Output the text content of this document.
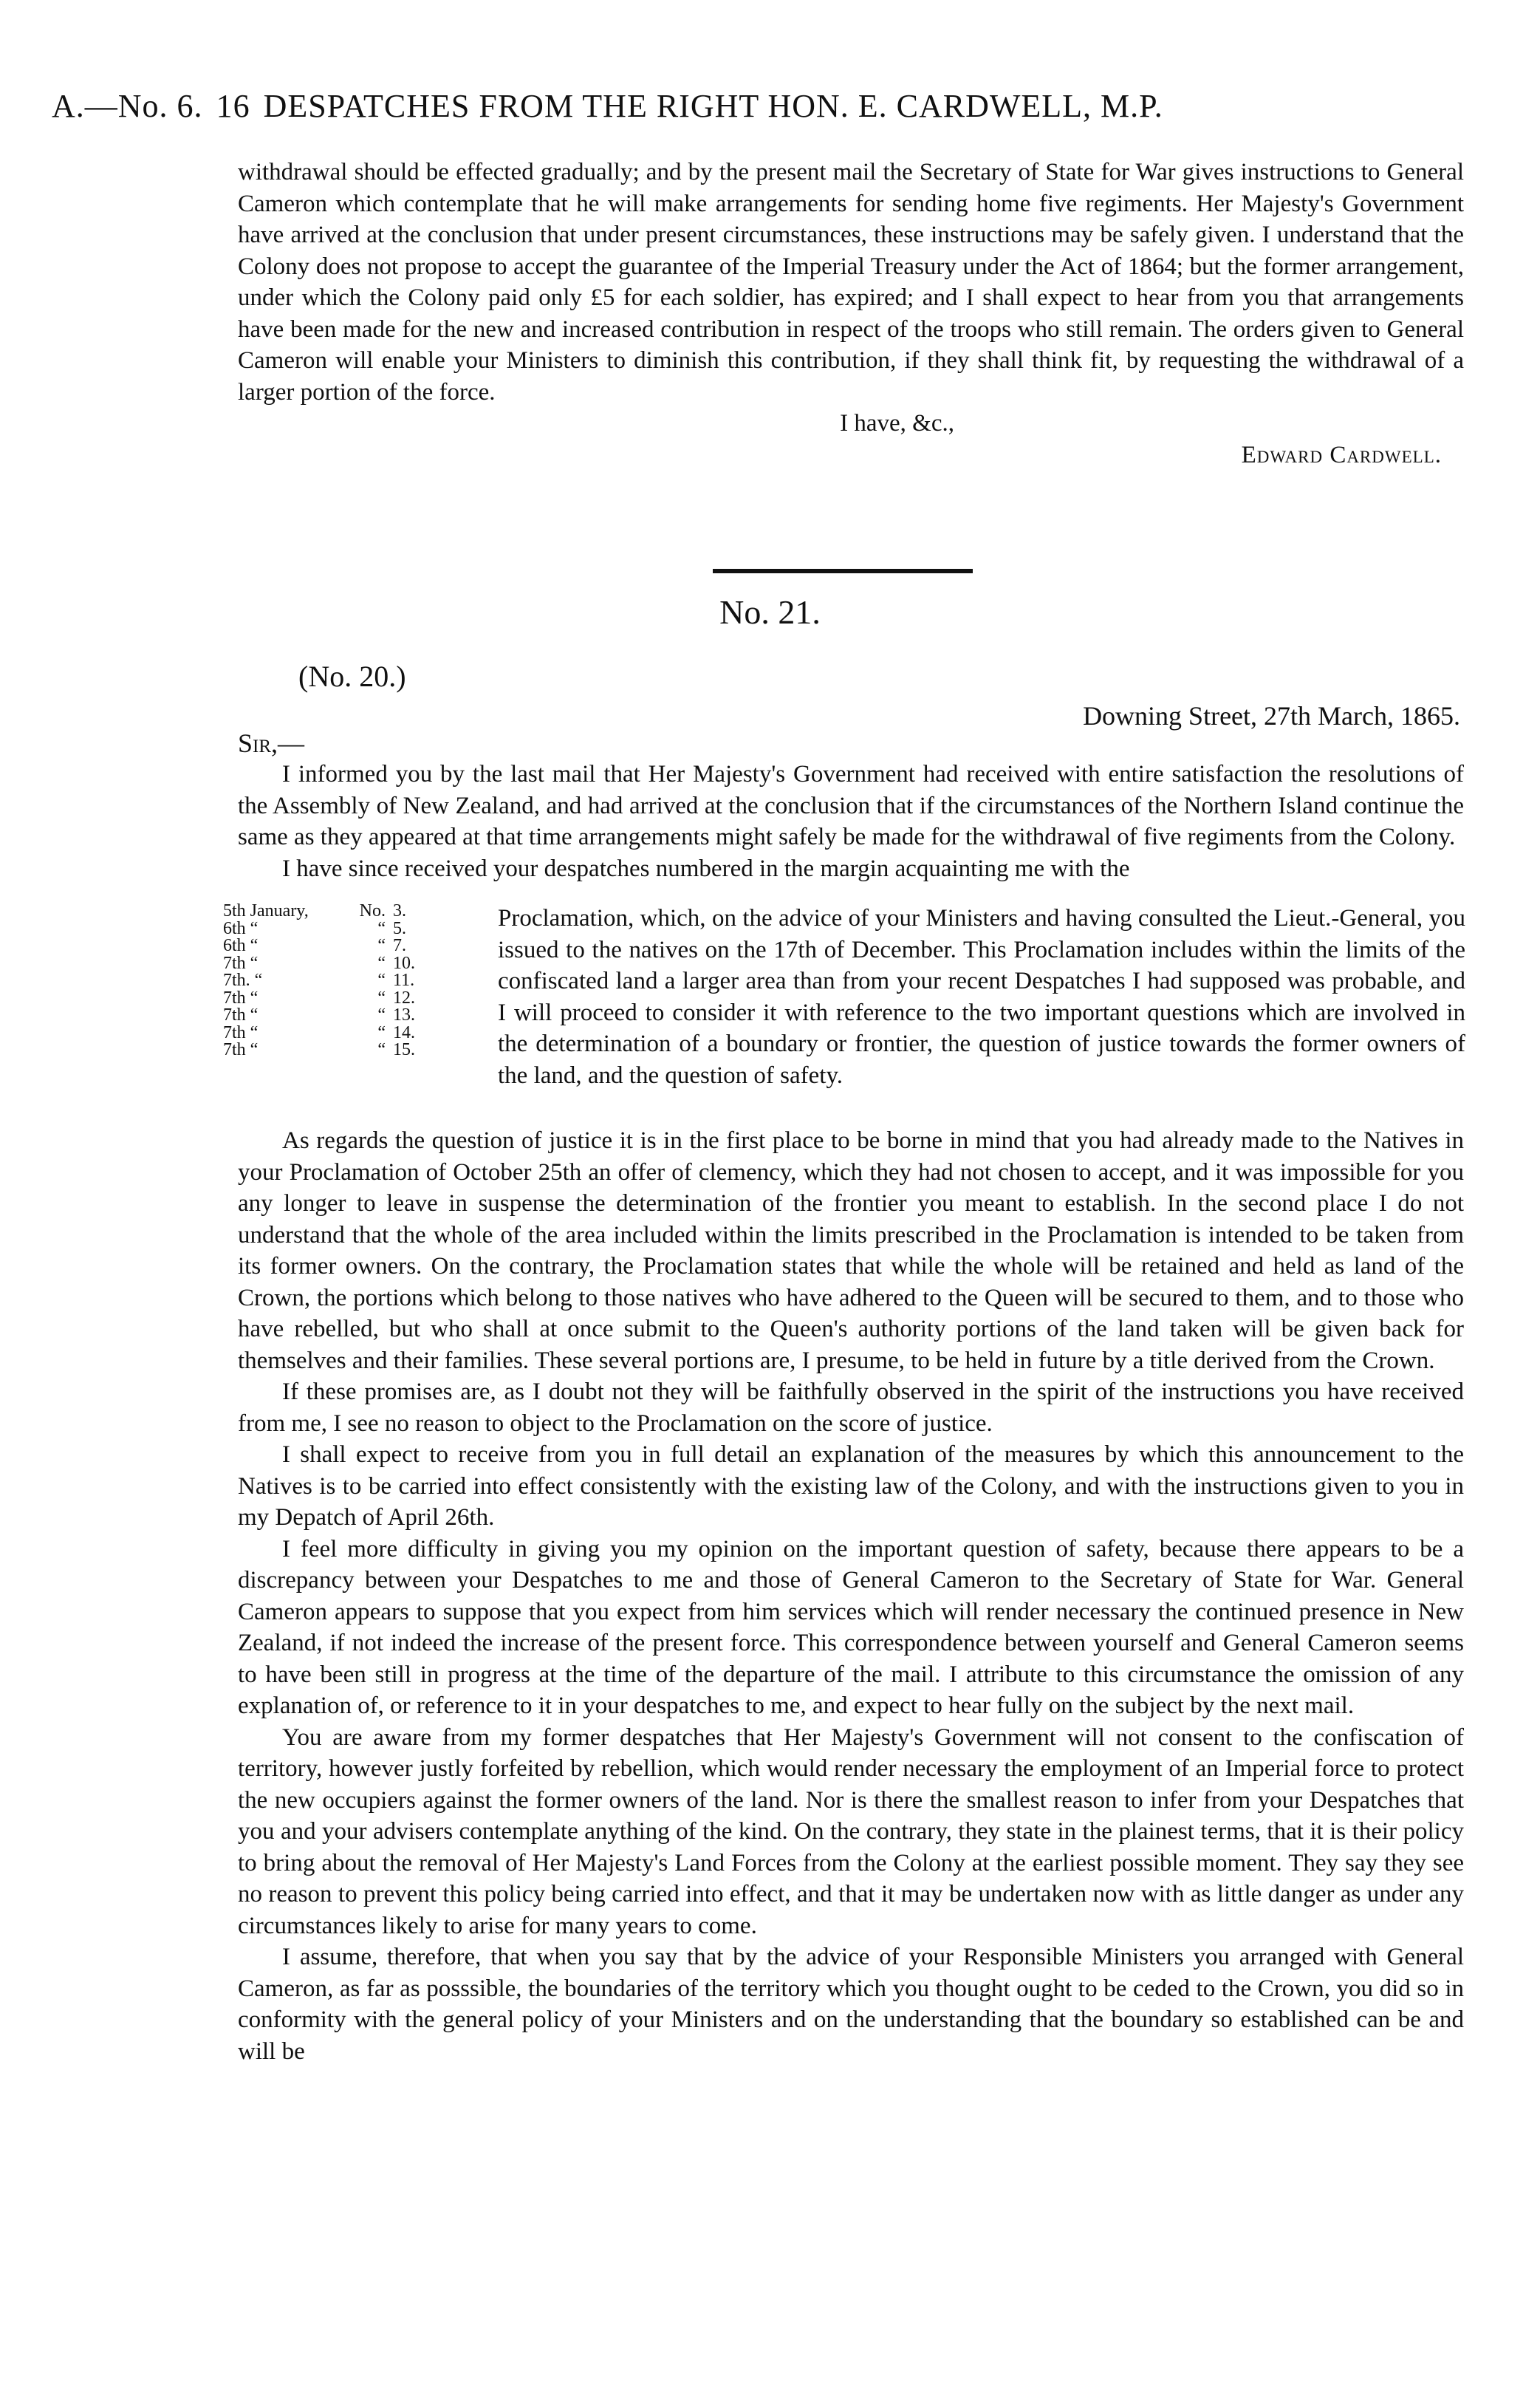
A.—No. 6. 16 DESPATCHES FROM THE RIGHT HON. E. CARDWELL, M.P.

withdrawal should be effected gradually; and by the present mail the Secretary of State for War gives instructions to General Cameron which contemplate that he will make arrangements for sending home five regiments. Her Majesty's Government have arrived at the conclusion that under present circumstances, these instructions may be safely given. I understand that the Colony does not propose to accept the guarantee of the Imperial Treasury under the Act of 1864; but the former arrangement, under which the Colony paid only £5 for each soldier, has expired; and I shall expect to hear from you that arrangements have been made for the new and increased contribution in respect of the troops who still remain. The orders given to General Cameron will enable your Ministers to diminish this contribution, if they shall think fit, by requesting the withdrawal of a larger portion of the force.

I have, &c.,

Edward Cardwell.

No. 21.
(No. 20.)
Downing Street, 27th March, 1865.
Sir,—

I informed you by the last mail that Her Majesty's Government had received with entire satisfaction the resolutions of the Assembly of New Zealand, and had arrived at the conclusion that if the circumstances of the Northern Island continue the same as they appeared at that time arrangements might safely be made for the withdrawal of five regiments from the Colony.

I have since received your despatches numbered in the margin acquainting me with the

5th January,	No. 3.
6th “	“ 5.
6th “	“ 7.
7th “	“ 10.
7th. “	“ 11.
7th “	“ 12.
7th “	“ 13.
7th “	“ 14.
7th “	“ 15.
Proclamation, which, on the advice of your Ministers and having consulted the Lieut.-General, you issued to the natives on the 17th of December. This Proclamation includes within the limits of the confiscated land a larger area than from your recent Despatches I had supposed was probable, and I will proceed to consider it with reference to the two important questions which are involved in the determination of a boundary or frontier, the question of justice towards the former owners of the land, and the question of safety.

As regards the question of justice it is in the first place to be borne in mind that you had already made to the Natives in your Proclamation of October 25th an offer of clemency, which they had not chosen to accept, and it was impossible for you any longer to leave in suspense the determination of the frontier you meant to establish. In the second place I do not understand that the whole of the area included within the limits prescribed in the Proclamation is intended to be taken from its former owners. On the contrary, the Proclamation states that while the whole will be retained and held as land of the Crown, the portions which belong to those natives who have adhered to the Queen will be secured to them, and to those who have rebelled, but who shall at once submit to the Queen's authority portions of the land taken will be given back for themselves and their families. These several portions are, I presume, to be held in future by a title derived from the Crown.

If these promises are, as I doubt not they will be faithfully observed in the spirit of the instructions you have received from me, I see no reason to object to the Proclamation on the score of justice.

I shall expect to receive from you in full detail an explanation of the measures by which this announcement to the Natives is to be carried into effect consistently with the existing law of the Colony, and with the instructions given to you in my Depatch of April 26th.

I feel more difficulty in giving you my opinion on the important question of safety, because there appears to be a discrepancy between your Despatches to me and those of General Cameron to the Secretary of State for War. General Cameron appears to suppose that you expect from him services which will render necessary the continued presence in New Zealand, if not indeed the increase of the present force. This correspondence between yourself and General Cameron seems to have been still in progress at the time of the departure of the mail. I attribute to this circumstance the omission of any explanation of, or reference to it in your despatches to me, and expect to hear fully on the subject by the next mail.

You are aware from my former despatches that Her Majesty's Government will not consent to the confiscation of territory, however justly forfeited by rebellion, which would render necessary the employment of an Imperial force to protect the new occupiers against the former owners of the land. Nor is there the smallest reason to infer from your Despatches that you and your advisers contemplate anything of the kind. On the contrary, they state in the plainest terms, that it is their policy to bring about the removal of Her Majesty's Land Forces from the Colony at the earliest possible moment. They say they see no reason to prevent this policy being carried into effect, and that it may be undertaken now with as little danger as under any circumstances likely to arise for many years to come.

I assume, therefore, that when you say that by the advice of your Responsible Ministers you arranged with General Cameron, as far as posssible, the boundaries of the territory which you thought ought to be ceded to the Crown, you did so in conformity with the general policy of your Ministers and on the understanding that the boundary so established can be and will be
